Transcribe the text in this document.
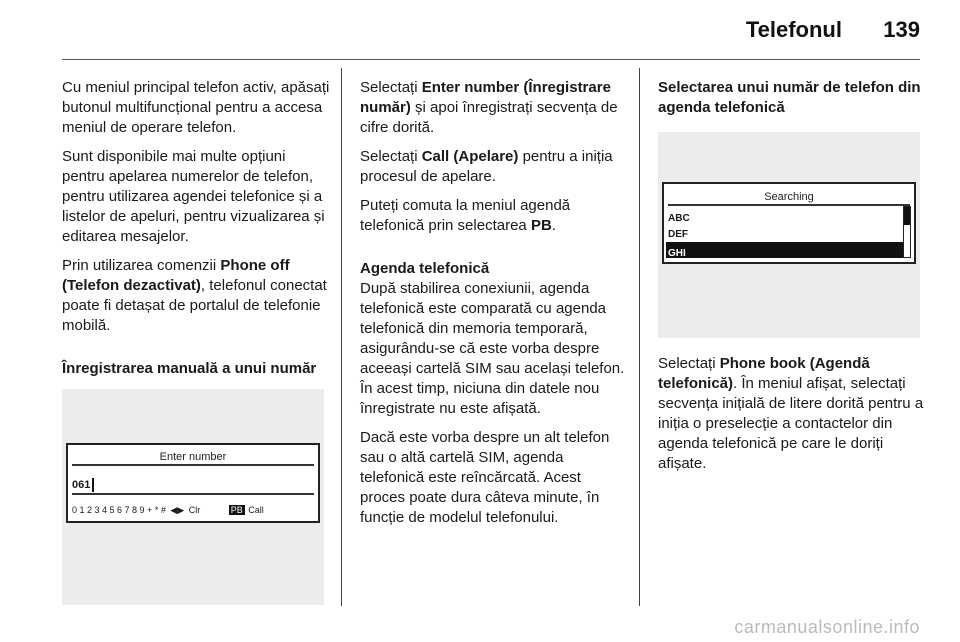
Telefonul 139

Cu meniul principal telefon activ, apăsați butonul multifuncțional pentru a accesa meniul de operare telefon.

Sunt disponibile mai multe opțiuni pentru apelarea numerelor de telefon, pentru utilizarea agendei telefonice și a listelor de apeluri, pentru vizualizarea și editarea mesajelor.

Prin utilizarea comenzii Phone off (Telefon dezactivat), telefonul conectat poate fi detașat de portalul de telefonie mobilă.

Înregistrarea manuală a unui număr

Enter number
061
0 1 2 3 4 5 6 7 8 9 + * # ◀▶ Clr	PB Call

Selectați Enter number (Înregistrare număr) și apoi înregistrați secvența de cifre dorită.

Selectați Call (Apelare) pentru a iniția procesul de apelare.

Puteți comuta la meniul agendă telefonică prin selectarea PB.

Agenda telefonică

După stabilirea conexiunii, agenda telefonică este comparată cu agenda telefonică din memoria temporară, asigurându-se că este vorba despre aceeași cartelă SIM sau același telefon. În acest timp, niciuna din datele nou înregistrate nu este afișată.

Dacă este vorba despre un alt telefon sau o altă cartelă SIM, agenda telefonică este reîncărcată. Acest proces poate dura câteva minute, în funcție de modelul telefonului.

Selectarea unui număr de telefon din agenda telefonică

Searching
ABC
DEF
GHI

Selectați Phone book (Agendă telefonică). În meniul afișat, selectați secvența inițială de litere dorită pentru a iniția o preselecție a contactelor din agenda telefonică pe care le doriți afișate.

carmanualsonline.info
